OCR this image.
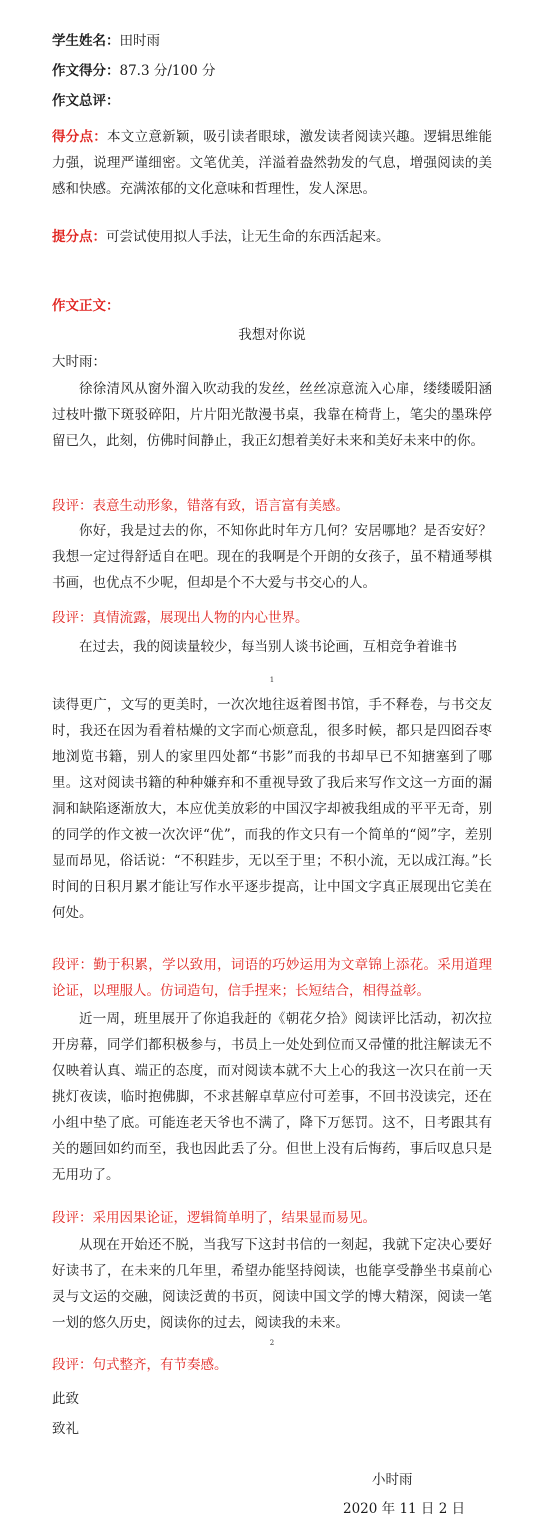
学生姓名：田时雨
作文得分：87.3 分/100 分
作文总评：
得分点：本文立意新颖，吸引读者眼球，激发读者阅读兴趣。逻辑思维能力强，说理严谨细密。文笔优美，洋溢着盎然勃发的气息，增强阅读的美感和快感。充满浓郁的文化意味和哲理性，发人深思。
提分点：可尝试使用拟人手法，让无生命的东西活起来。
作文正文：
我想对你说
大时雨：
徐徐清风从窗外溜入吹动我的发丝，丝丝凉意流入心扉，缕缕暖阳涵过枝叶撒下斑驳碎阳，片片阳光散漫书桌，我靠在椅背上，笔尖的墨珠停留已久，此刻，仿佛时间静止，我正幻想着美好未来和美好未来中的你。
段评：表意生动形象，错落有致，语言富有美感。
你好，我是过去的你，不知你此时年方几何？安居哪地？是否安好？我想一定过得舒适自在吧。现在的我啊是个开朗的女孩子，虽不精通琴棋书画，也优点不少呢，但却是个不大爱与书交心的人。
段评：真情流露，展现出人物的内心世界。
在过去，我的阅读量较少，每当别人谈书论画，互相竞争着谁书
1
读得更广，文写的更美时，一次次地往返着图书馆，手不释卷，与书交友时，我还在因为看着枯燥的文字而心烦意乱，很多时候，都只是四囵吞枣地浏览书籍，别人的家里四处都“书影”而我的书却早已不知搪塞到了哪里。这对阅读书籍的种种嫌弃和不重视导致了我后来写作文这一方面的漏洞和缺陷逐渐放大，本应优美放彩的中国汉字却被我组成的平平无奇，别的同学的作文被一次次评“优”，而我的作文只有一个简单的“阅”字，差别显而昂见，俗话说：“不积跬步，无以至于里；不积小流，无以成江海。”长时间的日积月累才能让写作水平逐步提高，让中国文字真正展现出它美在何处。
段评：勤于积累，学以致用，词语的巧妙运用为文章锦上添花。采用道理论证，以理服人。仿词造句，信手捏来；长短结合，相得益彰。
近一周，班里展开了你追我赶的《朝花夕拾》阅读评比活动，初次拉开房幕，同学们都积极参与，书员上一处处到位而又帚懂的批注解读无不仅映着认真、端正的态度，而对阅读本就不大上心的我这一次只在前一天挑灯夜读，临时抱佛脚，不求甚解卓草应付可差事，不回书没读完，还在小组中垫了底。可能连老天爷也不满了，降下万惩罚。这不，日考跟其有关的题回如约而至，我也因此丢了分。但世上没有后悔药，事后叹息只是无用功了。
段评：采用因果论证，逻辑简单明了，结果显而易见。
从现在开始还不脱，当我写下这封书信的一刻起，我就下定决心要好好读书了，在未来的几年里，希望办能坚持阅读，也能享受静坐书桌前心灵与文运的交融，阅读泛黄的书页，阅读中国文学的博大精深，阅读一笔一划的悠久历史，阅读你的过去，阅读我的未来。
2
段评：句式整齐，有节奏感。
此致
致礼
小时雨
2020 年 11 日 2 日
